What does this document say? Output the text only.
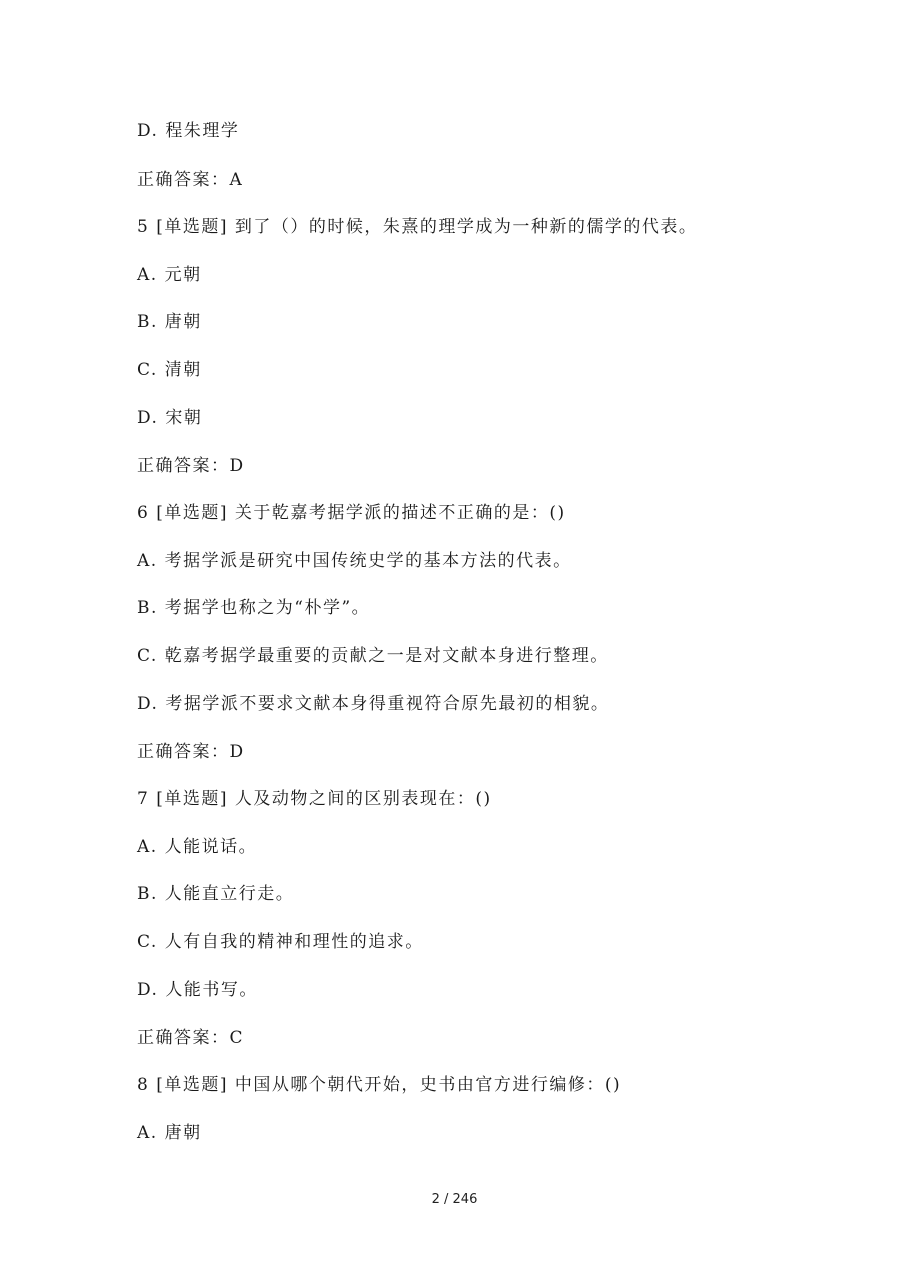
D. 程朱理学
正确答案：A
5 [单选题] 到了（）的时候，朱熹的理学成为一种新的儒学的代表。
A. 元朝
B. 唐朝
C. 清朝
D. 宋朝
正确答案：D
6 [单选题] 关于乾嘉考据学派的描述不正确的是：()
A. 考据学派是研究中国传统史学的基本方法的代表。
B. 考据学也称之为“朴学”。
C. 乾嘉考据学最重要的贡献之一是对文献本身进行整理。
D. 考据学派不要求文献本身得重视符合原先最初的相貌。
正确答案：D
7 [单选题] 人及动物之间的区别表现在：()
A. 人能说话。
B. 人能直立行走。
C. 人有自我的精神和理性的追求。
D. 人能书写。
正确答案：C
8 [单选题] 中国从哪个朝代开始，史书由官方进行编修：()
A. 唐朝
2 / 246
